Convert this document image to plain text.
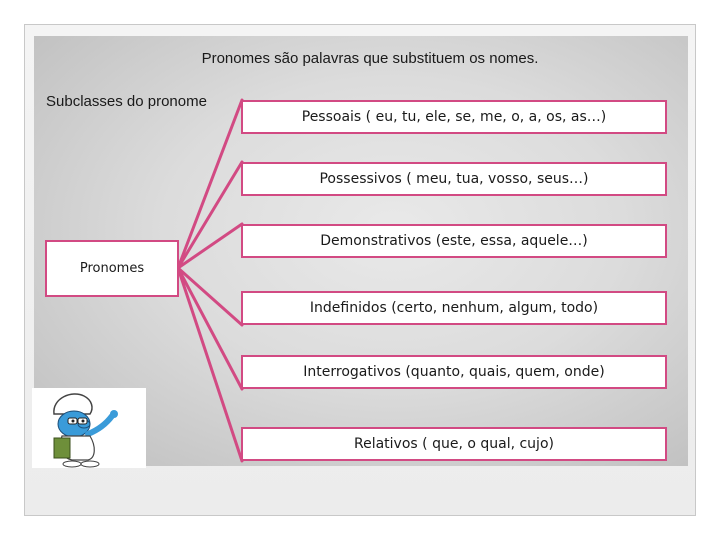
Pronomes são palavras que substituem os nomes.
Subclasses do pronome
Pronomes
Pessoais ( eu, tu, ele, se, me, o, a, os, as…)
Possessivos ( meu, tua, vosso, seus…)
Demonstrativos (este, essa, aquele…)
Indefinidos (certo, nenhum, algum, todo)
Interrogativos (quanto, quais, quem, onde)
Relativos ( que, o qual, cujo)
